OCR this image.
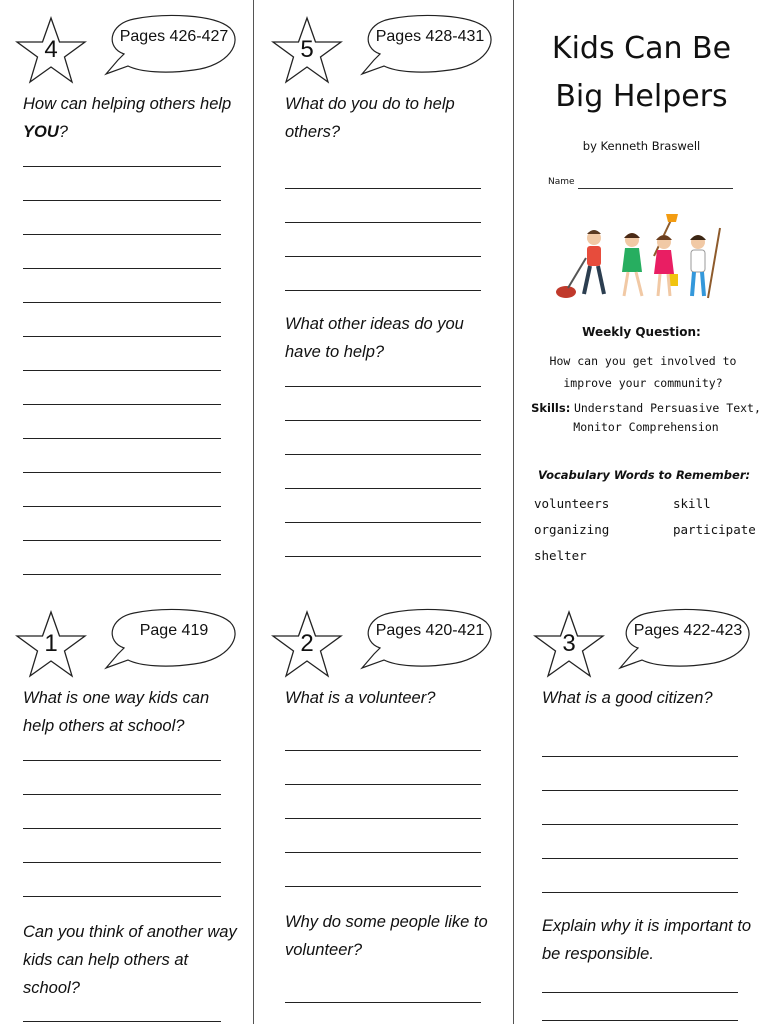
4	Pages 426-427
How can helping others help YOU?
5	Pages 428-431
What do you do to help others?
What other ideas do you have to help?
Kids Can Be
Big Helpers
by Kenneth Braswell
Name
Weekly Question:
How can you get involved to improve your community?
Skills: Understand Persuasive Text,
Monitor Comprehension
Vocabulary Words to Remember:
volunteers	skill
organizing	participate
shelter
1	Page 419
What is one way kids can help others at school?
Can you think of another way kids can help others at school?
2	Pages 420-421
What is a volunteer?
Why do some people like to volunteer?
3	Pages 422-423
What is a good citizen?
Explain why it is important to be responsible.
